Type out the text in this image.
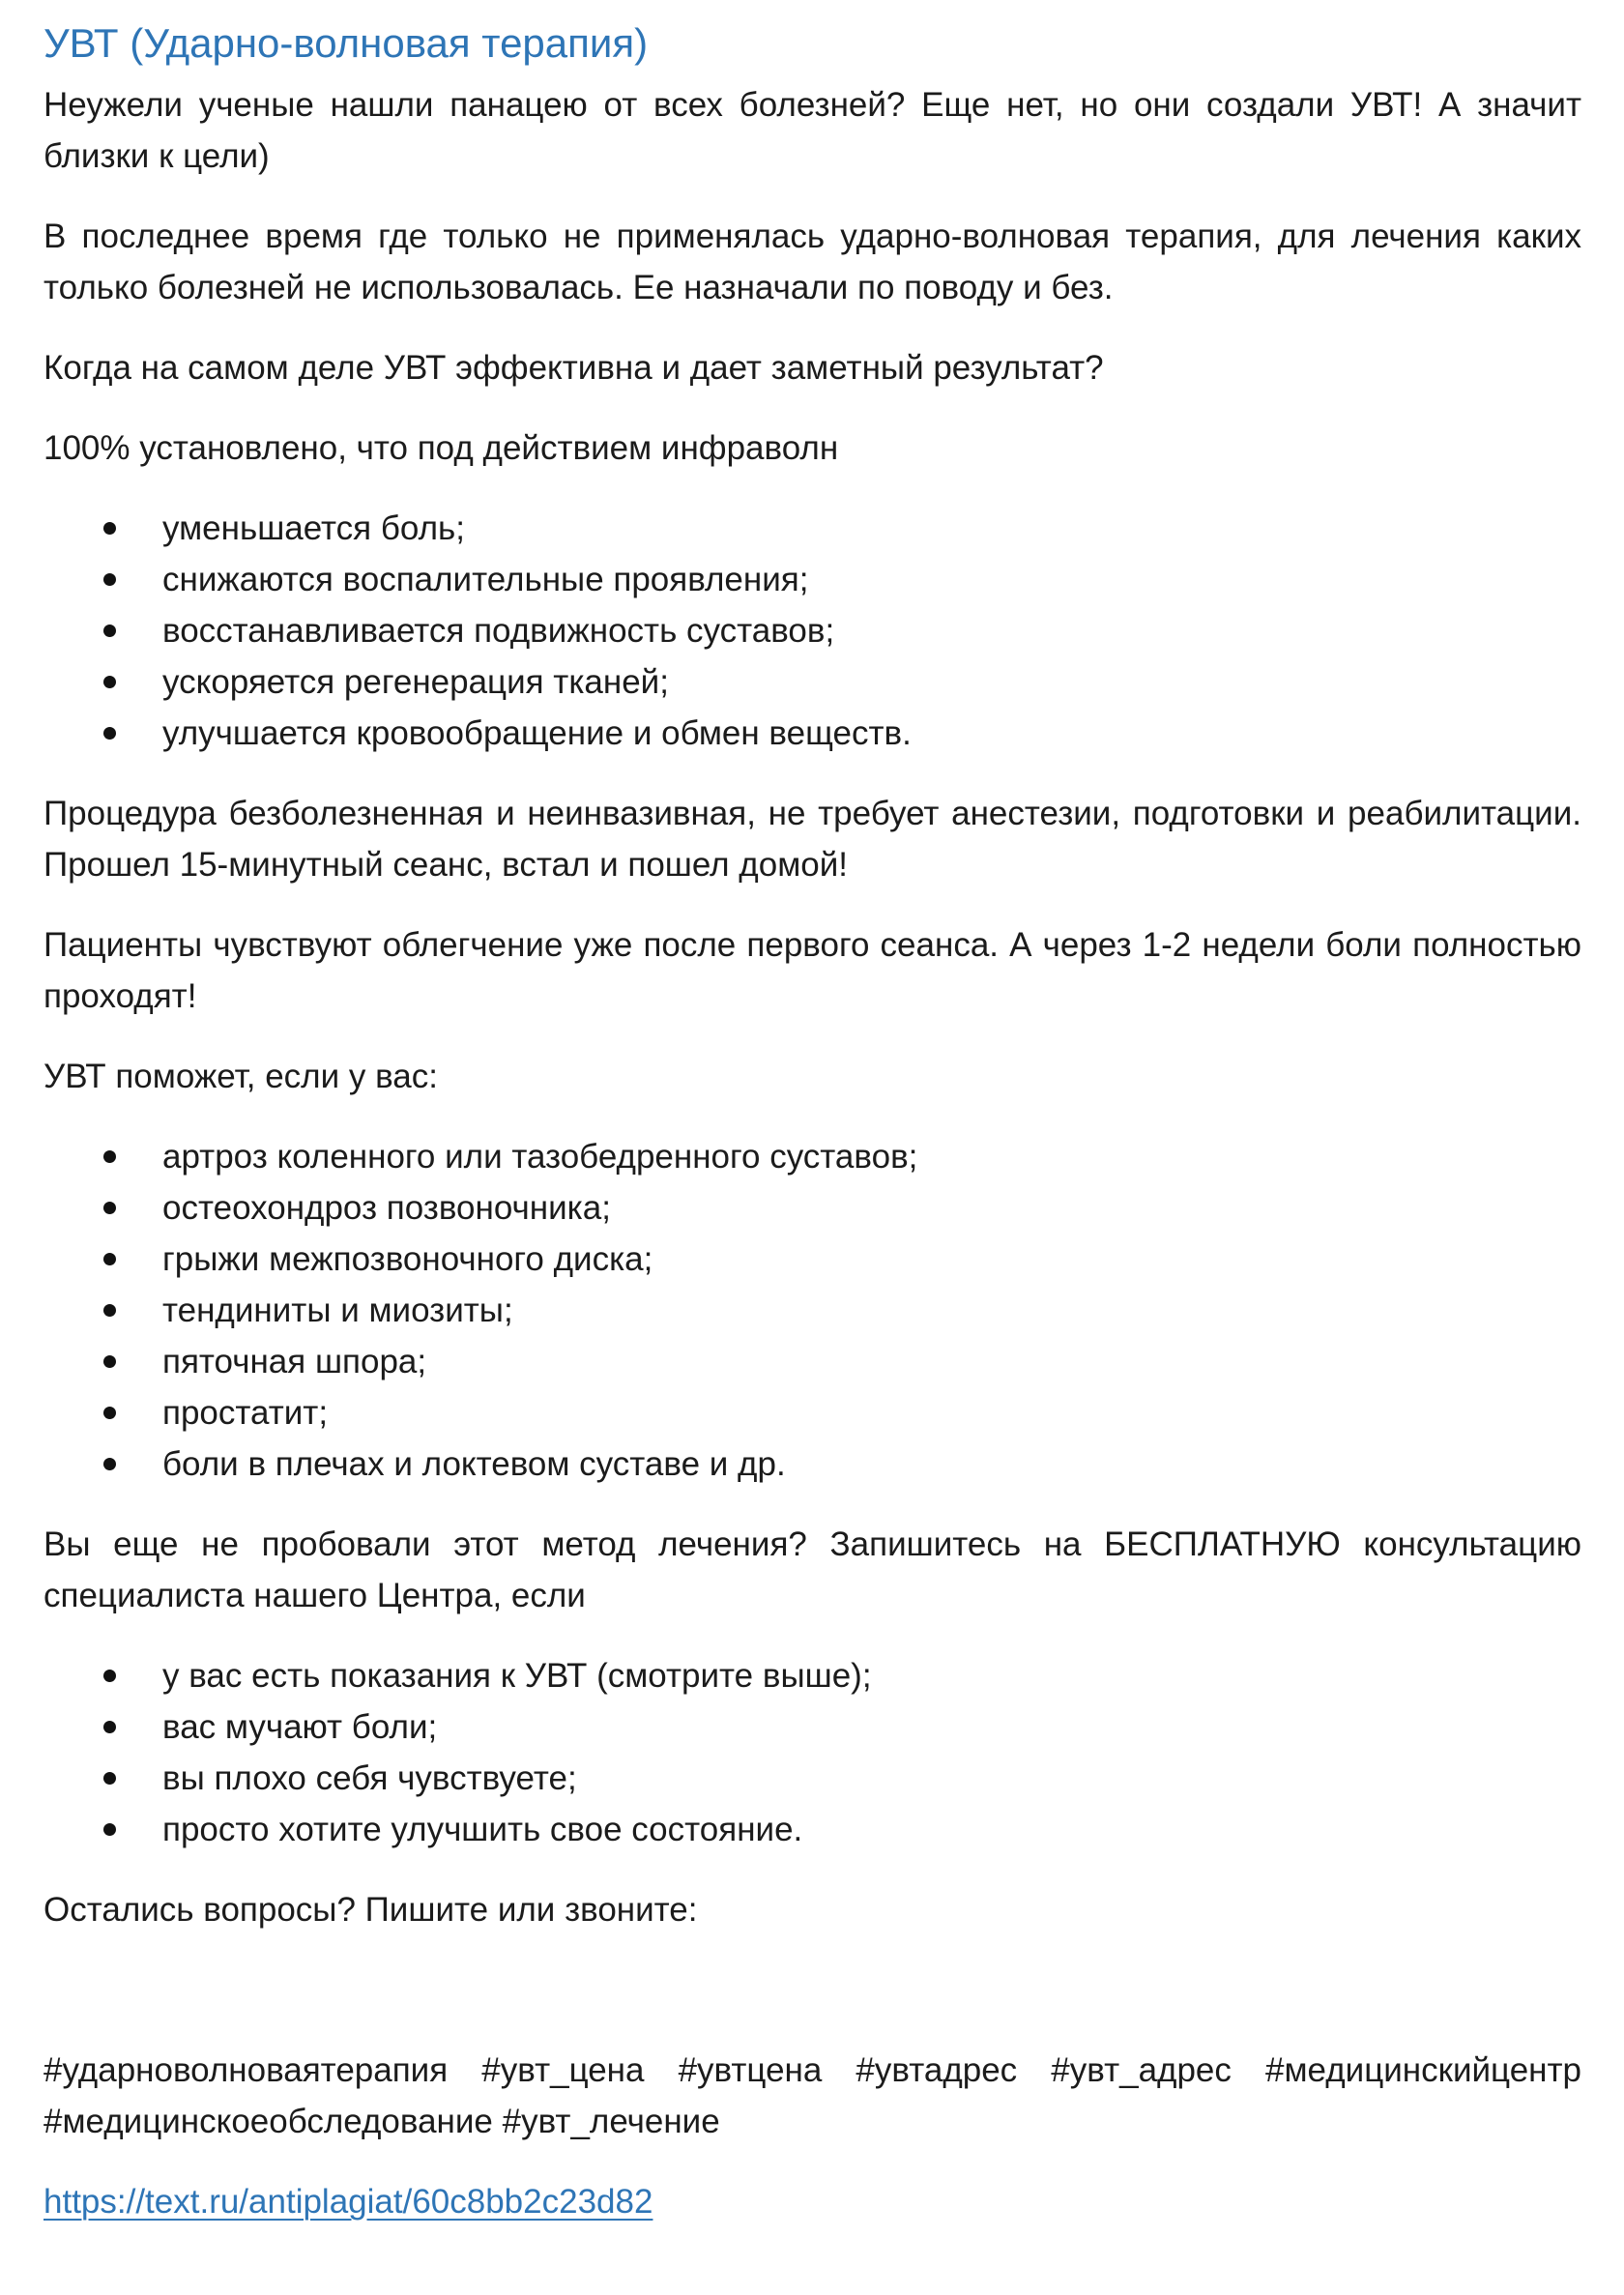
УВТ (Ударно-волновая терапия)

Неужели ученые нашли панацею от всех болезней? Еще нет, но они создали УВТ! А значит близки к цели)

В последнее время где только не применялась ударно-волновая терапия, для лечения каких только болезней не использовалась. Ее назначали по поводу и без.

Когда на самом деле УВТ эффективна и дает заметный результат?

100% установлено, что под действием инфраволн

уменьшается боль;
снижаются воспалительные проявления;
восстанавливается подвижность суставов;
ускоряется регенерация тканей;
улучшается кровообращение и обмен веществ.

Процедура безболезненная и неинвазивная, не требует анестезии, подготовки и реабилитации. Прошел 15-минутный сеанс, встал и пошел домой!

Пациенты чувствуют облегчение уже после первого сеанса. А через 1-2 недели боли полностью проходят!

УВТ поможет, если у вас:

артроз коленного или тазобедренного суставов;
остеохондроз позвоночника;
грыжи межпозвоночного диска;
тендиниты и миозиты;
пяточная шпора;
простатит;
боли в плечах и локтевом суставе и др.

Вы еще не пробовали этот метод лечения? Запишитесь на БЕСПЛАТНУЮ консультацию специалиста нашего Центра, если

у вас есть показания к УВТ (смотрите выше);
вас мучают боли;
вы плохо себя чувствуете;
просто хотите улучшить свое состояние.

Остались вопросы? Пишите или звоните:

#ударноволноваятерапия #увт_цена #увтцена #увтадрес #увт_адрес #медицинскийцентр #медицинскоеобследование #увт_лечение

https://text.ru/antiplagiat/60c8bb2c23d82
